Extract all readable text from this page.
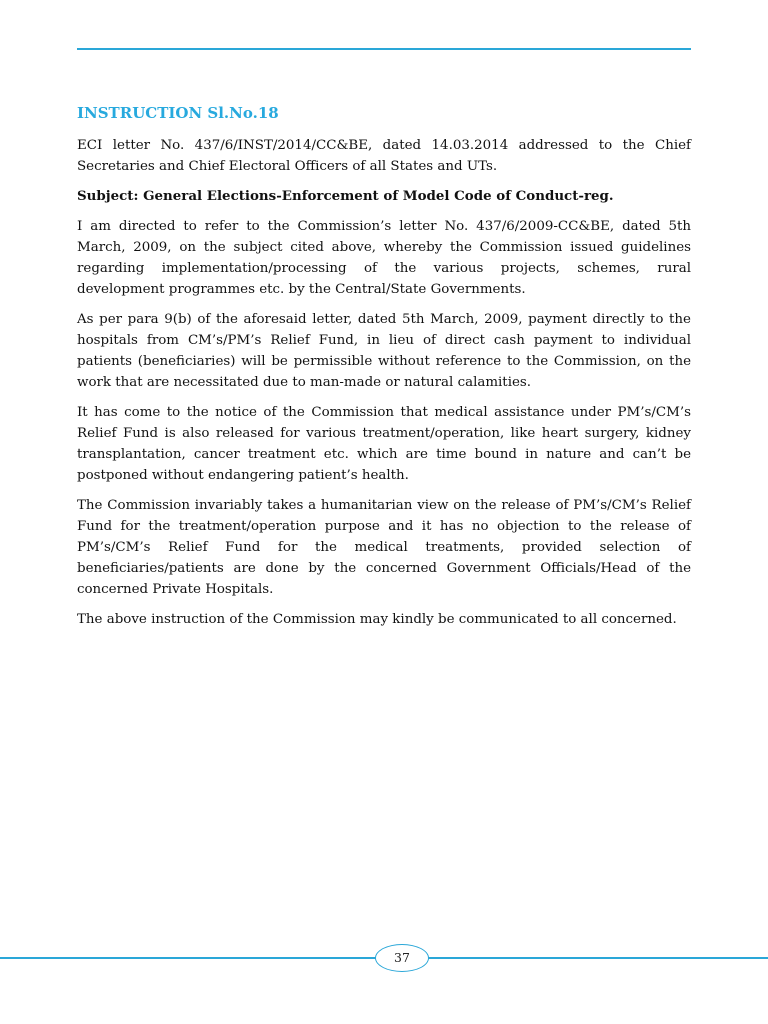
INSTRUCTION Sl.No.18

ECI letter No. 437/6/INST/2014/CC&BE, dated 14.03.2014 addressed to the Chief Secretaries and Chief Electoral Officers of all States and UTs.

Subject: General Elections-Enforcement of Model Code of Conduct-reg.

I am directed to refer to the Commission’s letter No. 437/6/2009-CC&BE, dated 5th March, 2009, on the subject cited above, whereby the Commission issued guidelines regarding implementation/processing of the various projects, schemes, rural development programmes etc. by the Central/State Governments.

As per para 9(b) of the aforesaid letter, dated 5th March, 2009, payment directly to the hospitals from CM’s/PM’s Relief Fund, in lieu of direct cash payment to individual patients (beneficiaries) will be permissible without reference to the Commission, on the work that are necessitated due to man-made or natural calamities.

It has come to the notice of the Commission that medical assistance under PM’s/CM’s Relief Fund is also released for various treatment/operation, like heart surgery, kidney transplantation, cancer treatment etc. which are time bound in nature and can’t be postponed without endangering patient’s health.

The Commission invariably takes a humanitarian view on the release of PM’s/CM’s Relief Fund for the treatment/operation purpose and it has no objection to the release of PM’s/CM’s Relief Fund for the medical treatments, provided selection of beneficiaries/patients are done by the concerned Government Officials/Head of the concerned Private Hospitals.

The above instruction of the Commission may kindly be communicated to all concerned.

37
